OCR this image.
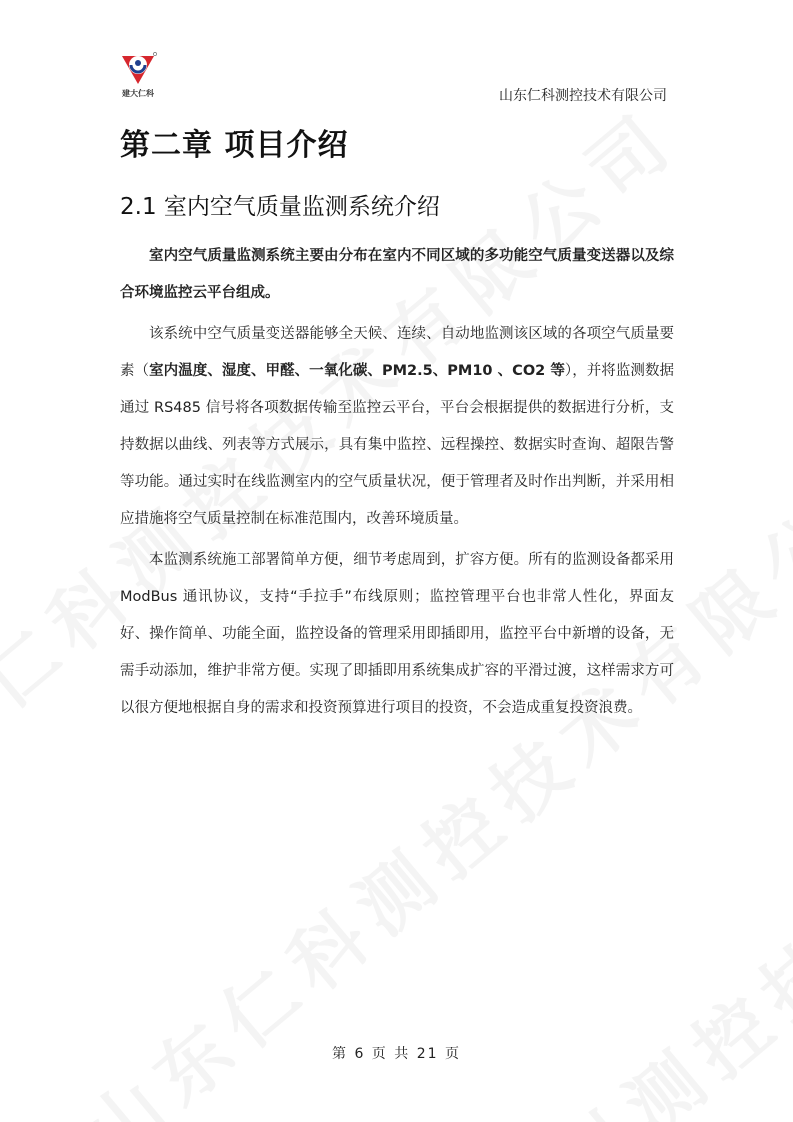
建大仁科	山东仁科测控技术有限公司
第二章 项目介绍
2.1 室内空气质量监测系统介绍

室内空气质量监测系统主要由分布在室内不同区域的多功能空气质量变送器以及综合环境监控云平台组成。

该系统中空气质量变送器能够全天候、连续、自动地监测该区域的各项空气质量要素（室内温度、湿度、甲醛、一氧化碳、PM2.5、PM10 、CO2 等），并将监测数据通过 RS485 信号将各项数据传输至监控云平台，平台会根据提供的数据进行分析，支持数据以曲线、列表等方式展示，具有集中监控、远程操控、数据实时查询、超限告警等功能。通过实时在线监测室内的空气质量状况，便于管理者及时作出判断，并采用相应措施将空气质量控制在标准范围内，改善环境质量。

本监测系统施工部署简单方便，细节考虑周到，扩容方便。所有的监测设备都采用 ModBus 通讯协议，支持“手拉手”布线原则；监控管理平台也非常人性化，界面友好、操作简单、功能全面，监控设备的管理采用即插即用，监控平台中新增的设备，无需手动添加，维护非常方便。实现了即插即用系统集成扩容的平滑过渡，这样需求方可以很方便地根据自身的需求和投资预算进行项目的投资，不会造成重复投资浪费。

第 6 页 共 21 页
